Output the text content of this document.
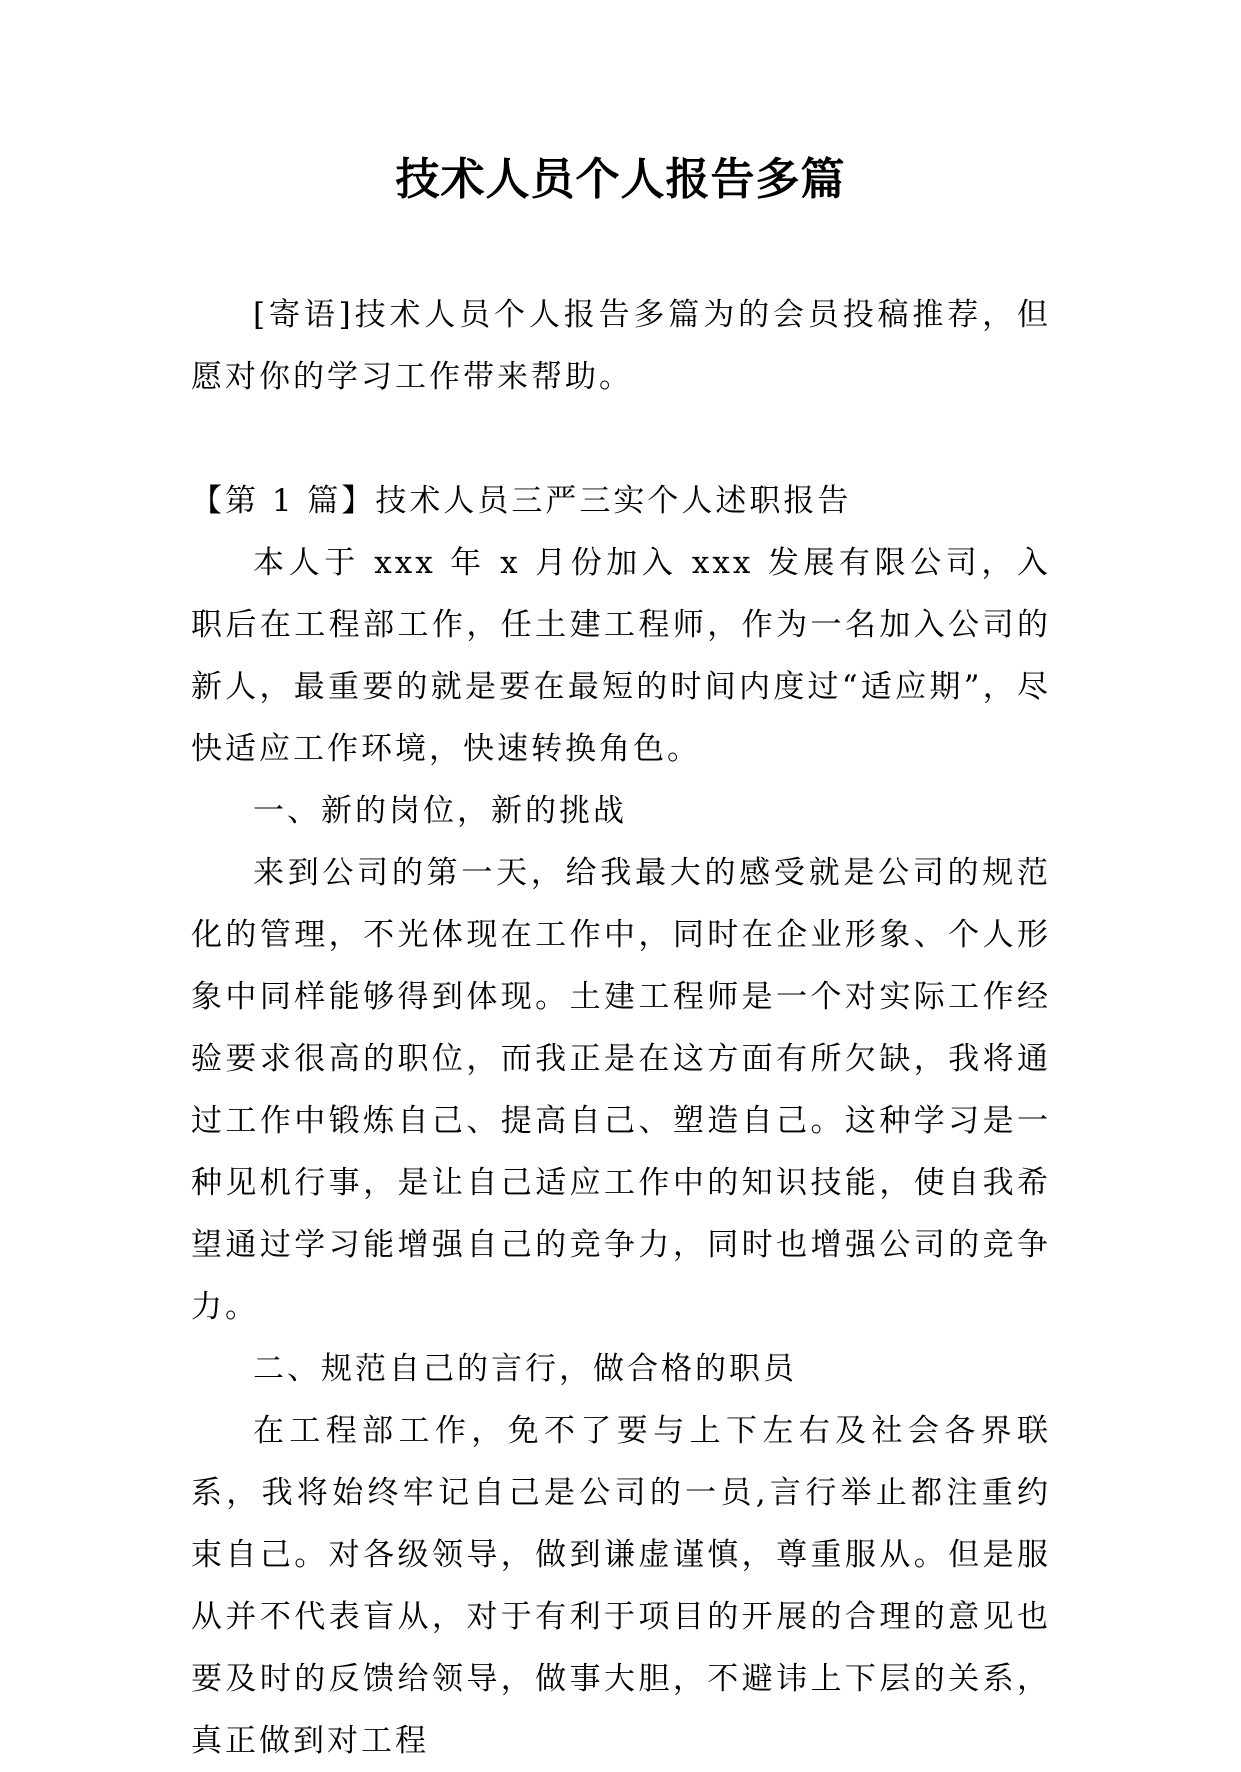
技术人员个人报告多篇

[寄语]技术人员个人报告多篇为的会员投稿推荐，但愿对你的学习工作带来帮助。

【第 1 篇】技术人员三严三实个人述职报告

本人于 xxx 年 x 月份加入 xxx 发展有限公司，入职后在工程部工作，任土建工程师，作为一名加入公司的新人，最重要的就是要在最短的时间内度过“适应期”，尽快适应工作环境，快速转换角色。

一、新的岗位，新的挑战

来到公司的第一天，给我最大的感受就是公司的规范化的管理，不光体现在工作中，同时在企业形象、个人形象中同样能够得到体现。土建工程师是一个对实际工作经验要求很高的职位，而我正是在这方面有所欠缺，我将通过工作中锻炼自己、提高自己、塑造自己。这种学习是一种见机行事，是让自己适应工作中的知识技能，使自我希望通过学习能增强自己的竞争力，同时也增强公司的竞争力。

二、规范自己的言行，做合格的职员

在工程部工作，免不了要与上下左右及社会各界联系，我将始终牢记自己是公司的一员,言行举止都注重约束自己。对各级领导，做到谦虚谨慎，尊重服从。但是服从并不代表盲从，对于有利于项目的开展的合理的意见也要及时的反馈给领导，做事大胆，不避讳上下层的关系，真正做到对工程
